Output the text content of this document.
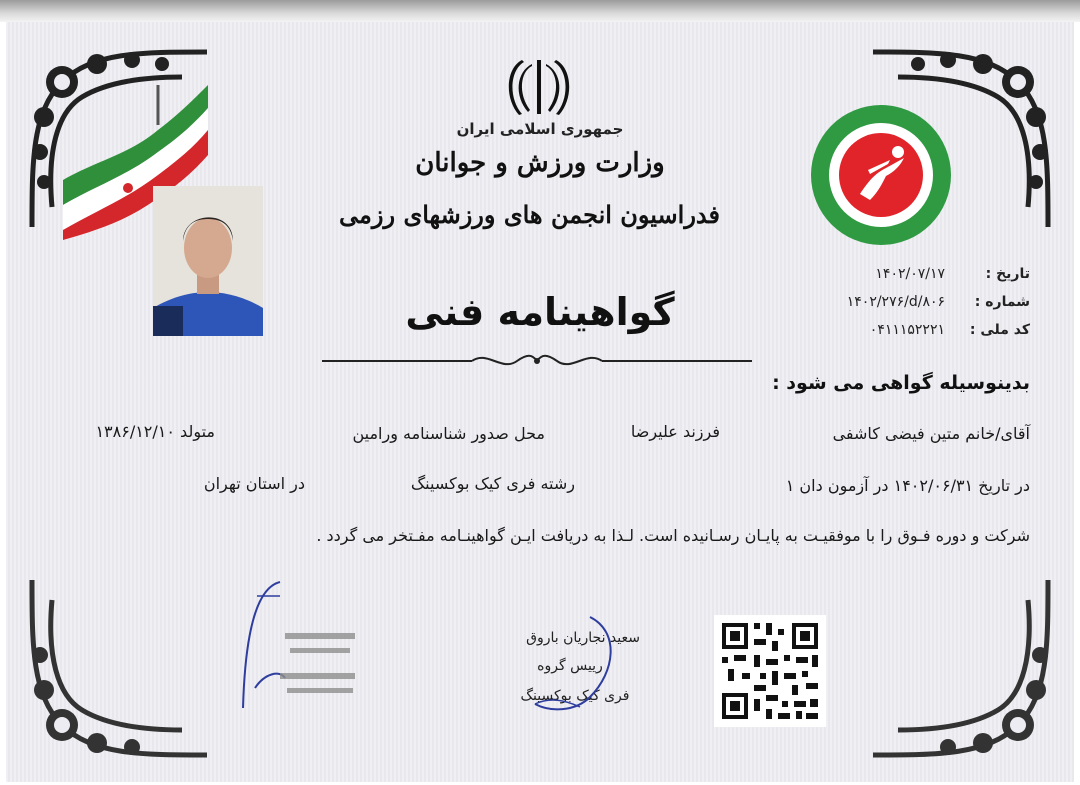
جمهوری اسلامی ایران
وزارت ورزش و جوانان
فدراسیون انجمن های ورزشهای رزمی
تاریخ :
۱۴۰۲/۰۷/۱۷
شماره :
۱۴۰۲/۲۷۶/d/۸۰۶
کد ملی :
۰۴۱۱۱۵۲۲۲۱
گواهینامه فنی
بدینوسیله گواهی می شود :
آقای/خانم متین فیضی کاشفی
فرزند علیرضا
محل صدور شناسنامه ورامین
متولد ۱۳۸۶/۱۲/۱۰
در تاریخ ۱۴۰۲/۰۶/۳۱ در آزمون دان ۱
رشته فری کیک بوکسینگ
در استان تهران
شرکت و دوره فـوق را با موفقیـت به پایـان رسـانیده است. لـذا به دریافت ایـن گواهینـامه مفـتخر می گردد .
سعید نجاریان باروق
رییس گروه
فری کیک بوکسینگ
